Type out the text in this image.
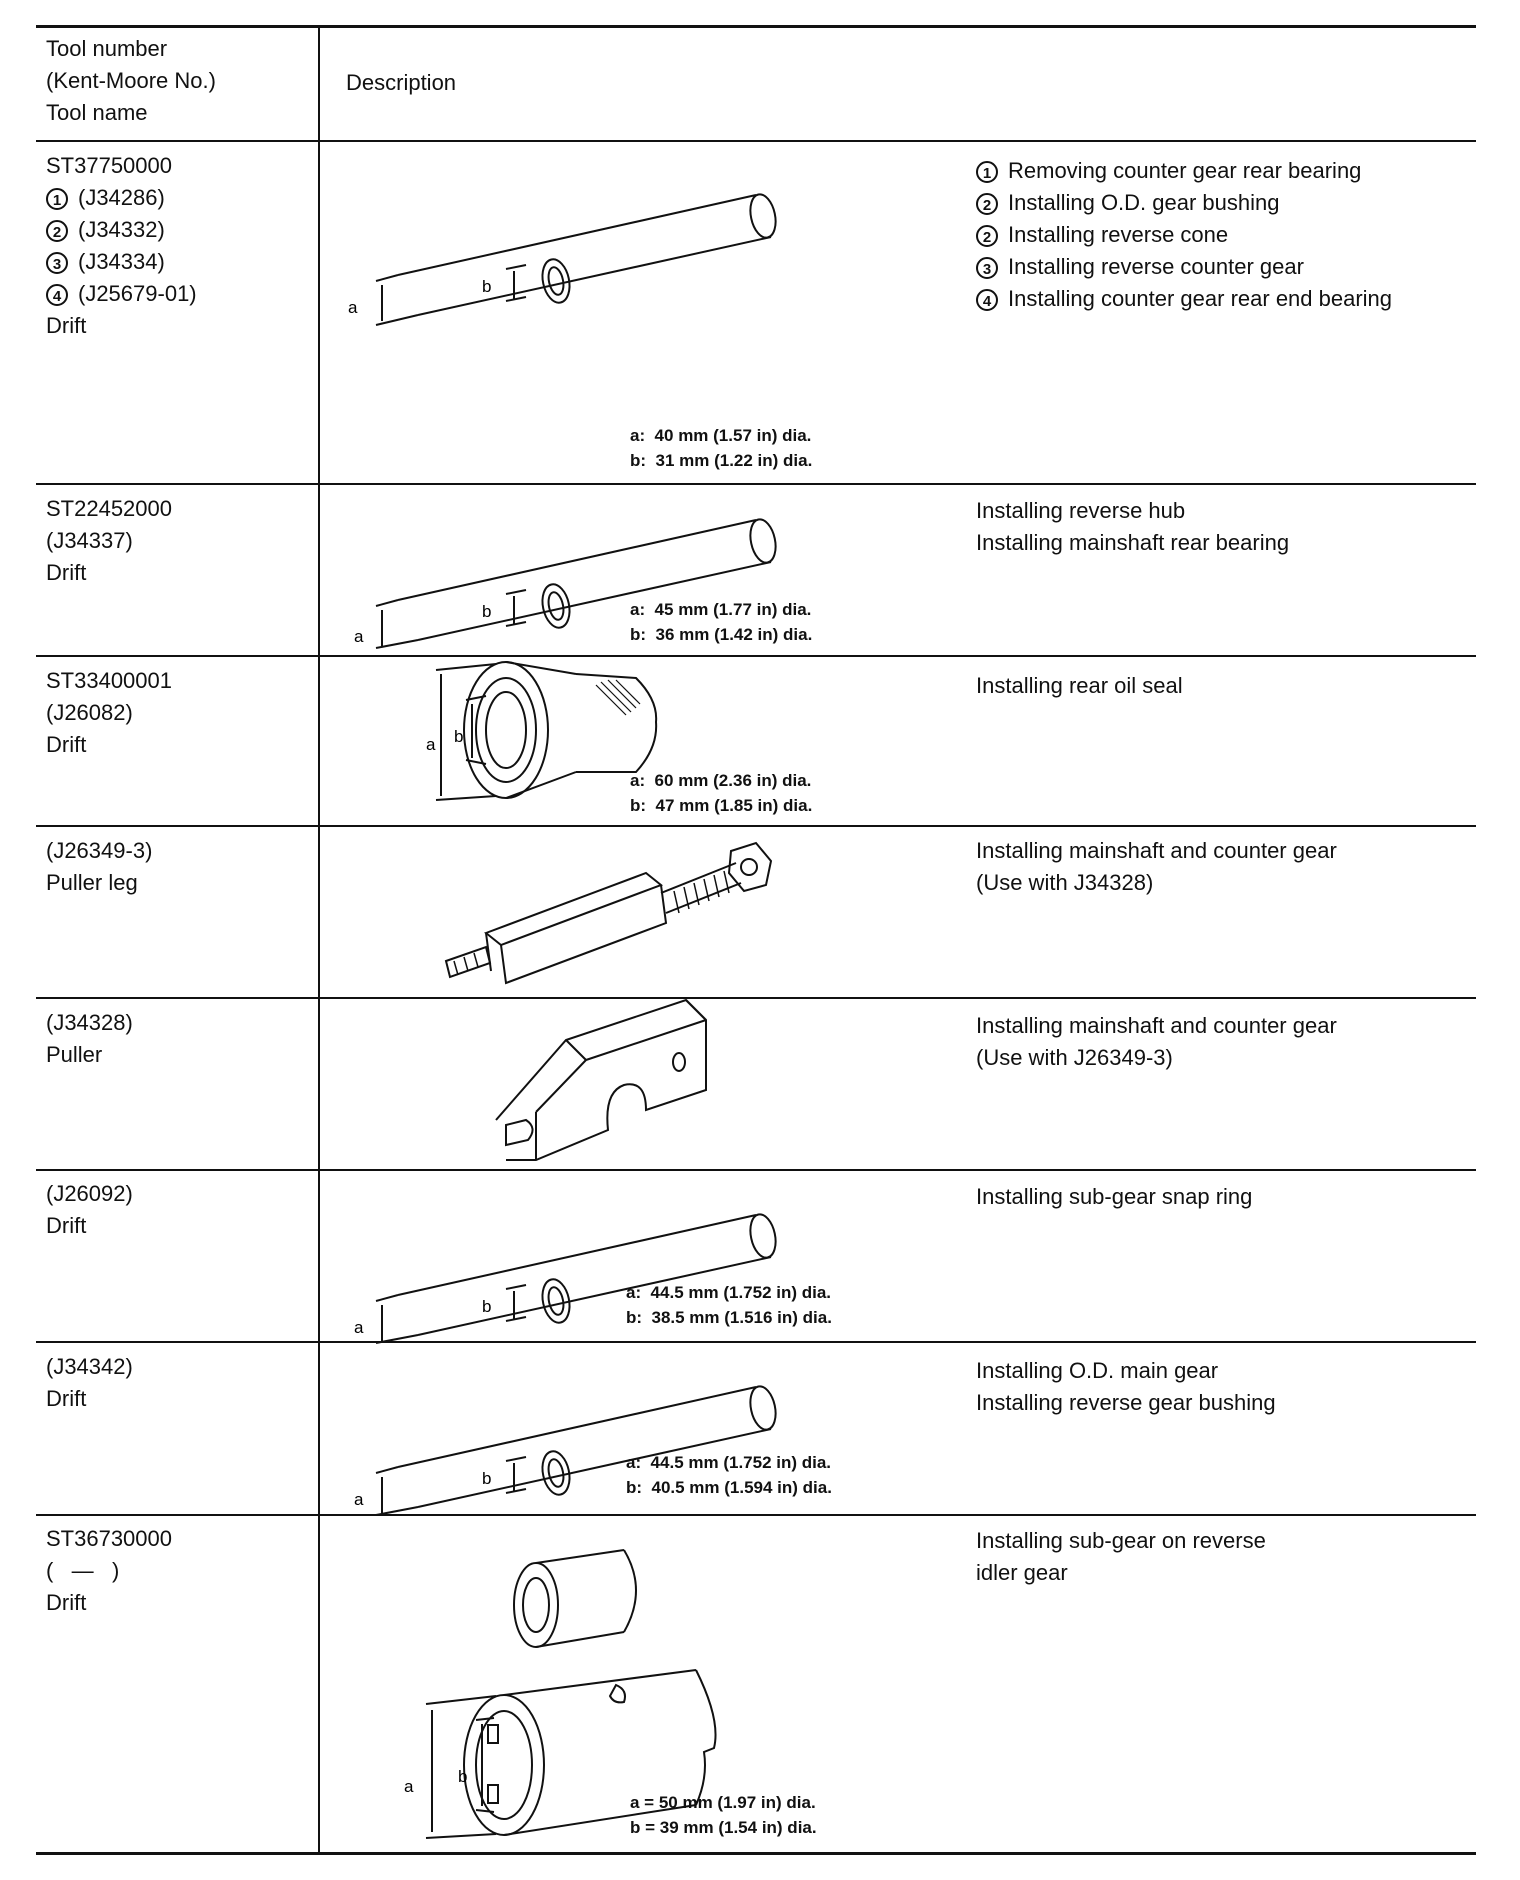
Tool number
(Kent-Moore No.)
Tool name
Description
ST37750000
1 (J34286)
2 (J34332)
3 (J34334)
4 (J25679-01)
Drift
1 Removing counter gear rear bearing
2 Installing O.D. gear bushing
2 Installing reverse cone
3 Installing reverse counter gear
4 Installing counter gear rear end bearing
a
b
a:  40 mm (1.57 in) dia.
b:  31 mm (1.22 in) dia.
ST22452000
(J34337)
Drift
Installing reverse hub
Installing mainshaft rear bearing
a
b	a:  45 mm (1.77 in) dia.
b:  36 mm (1.42 in) dia.
ST33400001
(J26082)
Drift
Installing rear oil seal
a b
a:  60 mm (2.36 in) dia.
b:  47 mm (1.85 in) dia.
(J26349-3)
Puller leg
Installing mainshaft and counter gear
(Use with J34328)
(J34328)
Puller
Installing mainshaft and counter gear
(Use with J26349-3)
(J26092)
Drift
Installing sub-gear snap ring
a
b
a:  44.5 mm (1.752 in) dia.
b:  38.5 mm (1.516 in) dia.
(J34342)
Drift
Installing O.D. main gear
Installing reverse gear bushing
a
b
a:  44.5 mm (1.752 in) dia.
b:  40.5 mm (1.594 in) dia.
ST36730000
(   —   )
Drift
Installing sub-gear on reverse
idler gear
a
b
a = 50 mm (1.97 in) dia.
b = 39 mm (1.54 in) dia.
